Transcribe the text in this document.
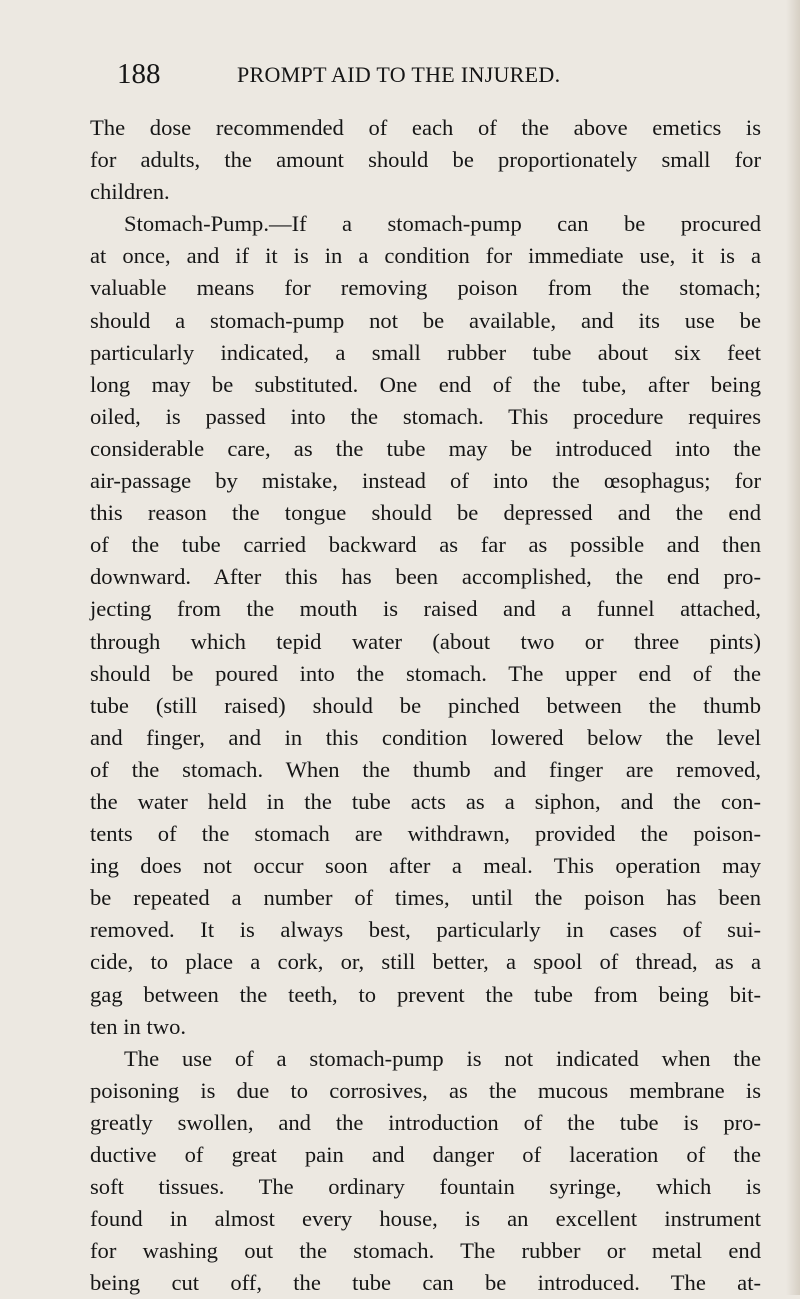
188	PROMPT AID TO THE INJURED.
The dose recommended of each of the above emetics is
for adults, the amount should be proportionately small for
children.
Stomach-Pump.—If a stomach-pump can be procured
at once, and if it is in a condition for immediate use, it is a
valuable means for removing poison from the stomach;
should a stomach-pump not be available, and its use be
particularly indicated, a small rubber tube about six feet
long may be substituted. One end of the tube, after being
oiled, is passed into the stomach. This procedure requires
considerable care, as the tube may be introduced into the
air-passage by mistake, instead of into the œsophagus; for
this reason the tongue should be depressed and the end
of the tube carried backward as far as possible and then
downward. After this has been accomplished, the end pro-
jecting from the mouth is raised and a funnel attached,
through which tepid water (about two or three pints)
should be poured into the stomach. The upper end of the
tube (still raised) should be pinched between the thumb
and finger, and in this condition lowered below the level
of the stomach. When the thumb and finger are removed,
the water held in the tube acts as a siphon, and the con-
tents of the stomach are withdrawn, provided the poison-
ing does not occur soon after a meal. This operation may
be repeated a number of times, until the poison has been
removed. It is always best, particularly in cases of sui-
cide, to place a cork, or, still better, a spool of thread, as a
gag between the teeth, to prevent the tube from being bit-
ten in two.
The use of a stomach-pump is not indicated when the
poisoning is due to corrosives, as the mucous membrane is
greatly swollen, and the introduction of the tube is pro-
ductive of great pain and danger of laceration of the
soft tissues. The ordinary fountain syringe, which is
found in almost every house, is an excellent instrument
for washing out the stomach. The rubber or metal end
being cut off, the tube can be introduced. The at-
